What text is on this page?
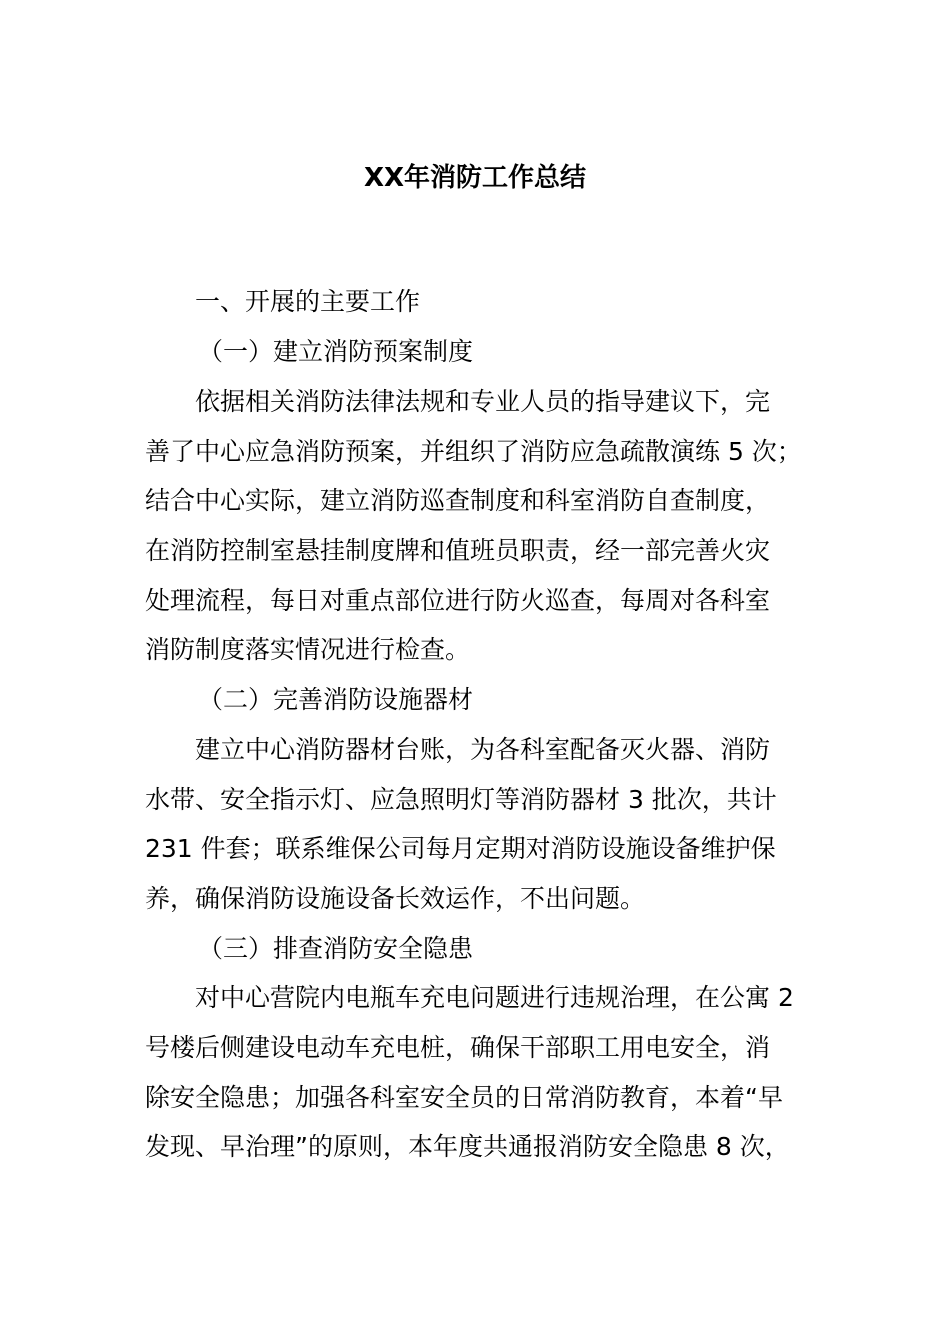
XX年消防工作总结
一、开展的主要工作
（一）建立消防预案制度
依据相关消防法律法规和专业人员的指导建议下，完
善了中心应急消防预案，并组织了消防应急疏散演练 5 次；
结合中心实际，建立消防巡查制度和科室消防自查制度，
在消防控制室悬挂制度牌和值班员职责，经一部完善火灾
处理流程，每日对重点部位进行防火巡查，每周对各科室
消防制度落实情况进行检查。
（二）完善消防设施器材
建立中心消防器材台账，为各科室配备灭火器、消防
水带、安全指示灯、应急照明灯等消防器材 3 批次，共计
231 件套；联系维保公司每月定期对消防设施设备维护保
养，确保消防设施设备长效运作，不出问题。
（三）排查消防安全隐患
对中心营院内电瓶车充电问题进行违规治理，在公寓 2
号楼后侧建设电动车充电桩，确保干部职工用电安全，消
除安全隐患；加强各科室安全员的日常消防教育，本着“早
发现、早治理”的原则，本年度共通报消防安全隐患 8 次，
